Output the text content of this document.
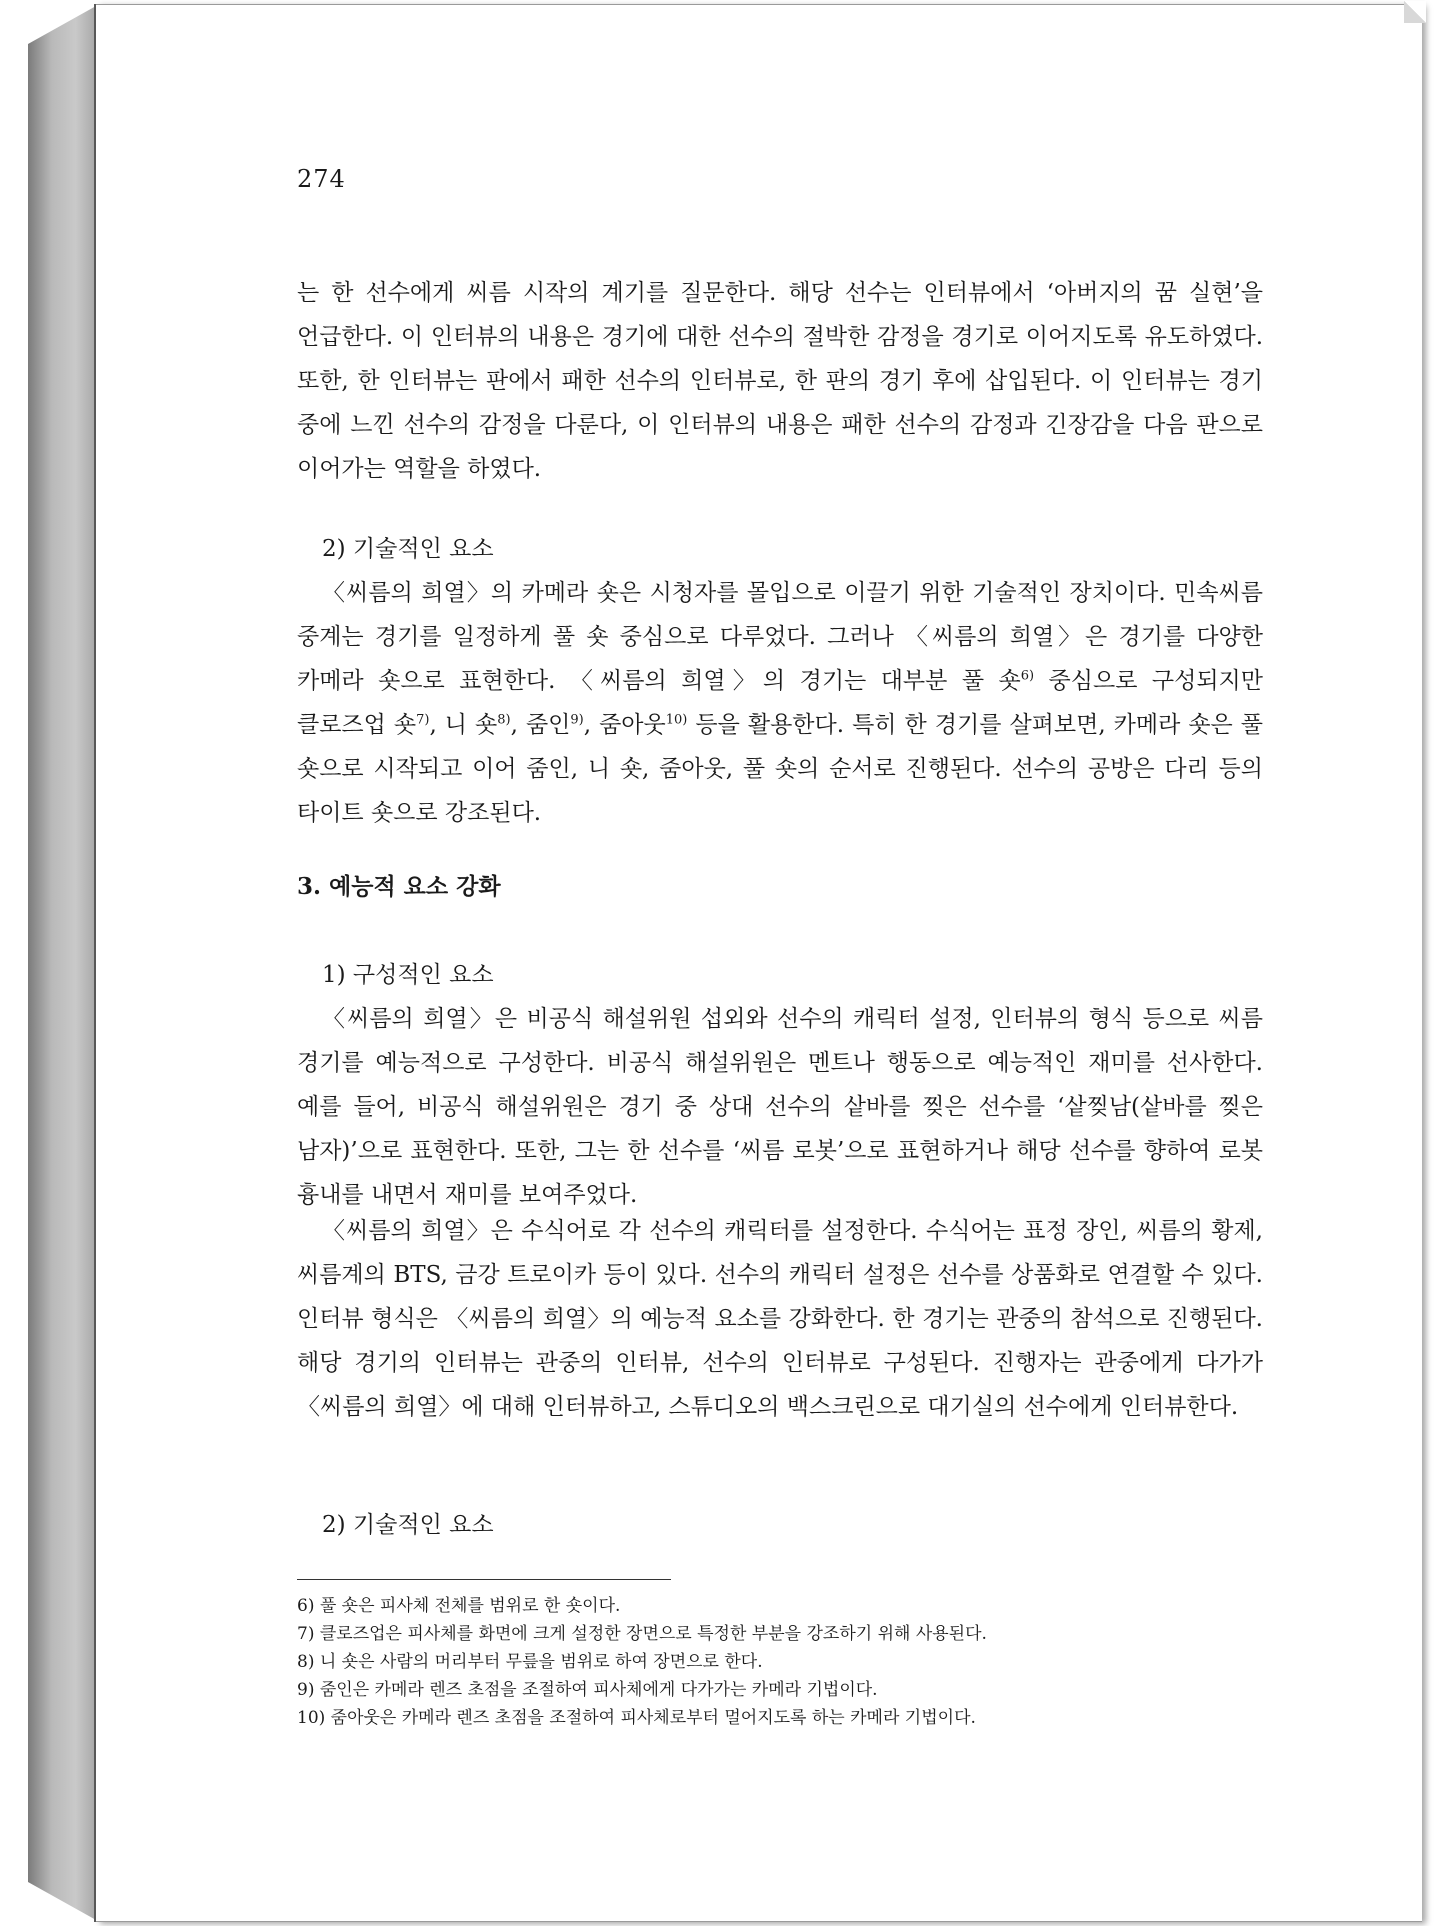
274

는 한 선수에게 씨름 시작의 계기를 질문한다. 해당 선수는 인터뷰에서 ‘아버지의 꿈 실현’을 언급한다. 이 인터뷰의 내용은 경기에 대한 선수의 절박한 감정을 경기로 이어지도록 유도하였다. 또한, 한 인터뷰는 판에서 패한 선수의 인터뷰로, 한 판의 경기 후에 삽입된다. 이 인터뷰는 경기 중에 느낀 선수의 감정을 다룬다, 이 인터뷰의 내용은 패한 선수의 감정과 긴장감을 다음 판으로 이어가는 역할을 하였다.

2) 기술적인 요소

〈씨름의 희열〉의 카메라 숏은 시청자를 몰입으로 이끌기 위한 기술적인 장치이다. 민속씨름 중계는 경기를 일정하게 풀 숏 중심으로 다루었다. 그러나 〈씨름의 희열〉은 경기를 다양한 카메라 숏으로 표현한다. 〈씨름의 희열〉의 경기는 대부분 풀 숏$^{6)}$ 중심으로 구성되지만 클로즈업 숏$^{7)}$, 니 숏$^{8)}$, 줌인$^{9)}$, 줌아웃$^{10)}$ 등을 활용한다. 특히 한 경기를 살펴보면, 카메라 숏은 풀 숏으로 시작되고 이어 줌인, 니 숏, 줌아웃, 풀 숏의 순서로 진행된다. 선수의 공방은 다리 등의 타이트 숏으로 강조된다.

3. 예능적 요소 강화

1) 구성적인 요소

〈씨름의 희열〉은 비공식 해설위원 섭외와 선수의 캐릭터 설정, 인터뷰의 형식 등으로 씨름 경기를 예능적으로 구성한다. 비공식 해설위원은 멘트나 행동으로 예능적인 재미를 선사한다. 예를 들어, 비공식 해설위원은 경기 중 상대 선수의 샅바를 찢은 선수를 ‘샅찢남(샅바를 찢은 남자)’으로 표현한다. 또한, 그는 한 선수를 ‘씨름 로봇’으로 표현하거나 해당 선수를 향하여 로봇 흉내를 내면서 재미를 보여주었다.

〈씨름의 희열〉은 수식어로 각 선수의 캐릭터를 설정한다. 수식어는 표정 장인, 씨름의 황제, 씨름계의 BTS, 금강 트로이카 등이 있다. 선수의 캐릭터 설정은 선수를 상품화로 연결할 수 있다. 인터뷰 형식은 〈씨름의 희열〉의 예능적 요소를 강화한다. 한 경기는 관중의 참석으로 진행된다. 해당 경기의 인터뷰는 관중의 인터뷰, 선수의 인터뷰로 구성된다. 진행자는 관중에게 다가가 〈씨름의 희열〉에 대해 인터뷰하고, 스튜디오의 백스크린으로 대기실의 선수에게 인터뷰한다.

2) 기술적인 요소

6) 풀 숏은 피사체 전체를 범위로 한 숏이다.

7) 클로즈업은 피사체를 화면에 크게 설정한 장면으로 특정한 부분을 강조하기 위해 사용된다.

8) 니 숏은 사람의 머리부터 무릎을 범위로 하여 장면으로 한다.

9) 줌인은 카메라 렌즈 초점을 조절하여 피사체에게 다가가는 카메라 기법이다.

10) 줌아웃은 카메라 렌즈 초점을 조절하여 피사체로부터 멀어지도록 하는 카메라 기법이다.
